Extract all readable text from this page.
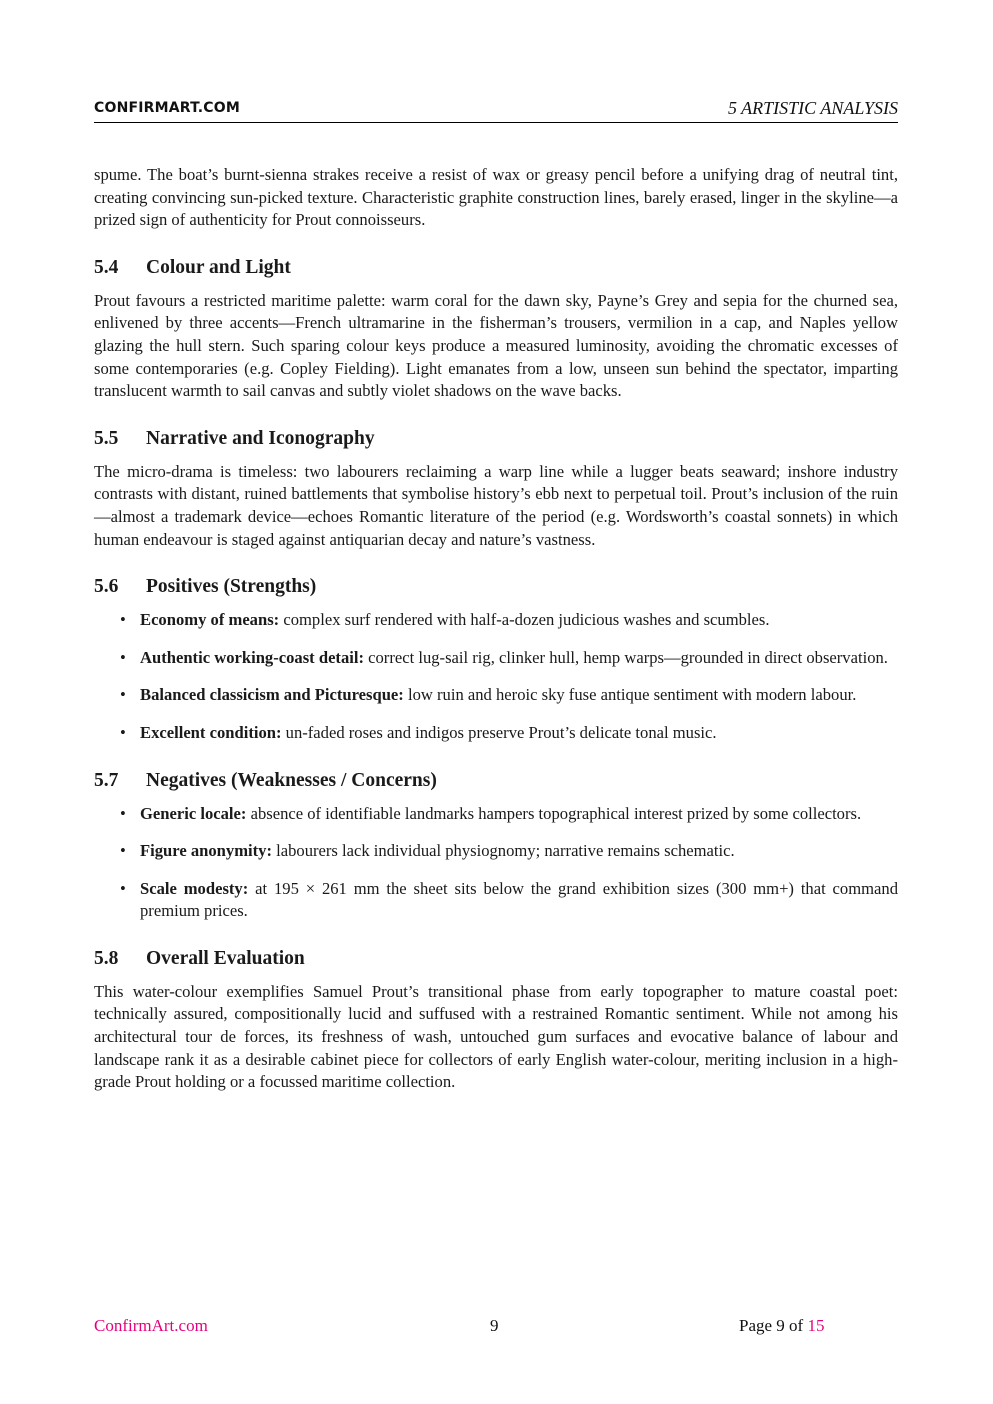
CONFIRMART.COM	5 ARTISTIC ANALYSIS

spume. The boat’s burnt-sienna strakes receive a resist of wax or greasy pencil before a unifying drag of neutral tint, creating convincing sun-picked texture. Characteristic graphite construction lines, barely erased, linger in the skyline—a prized sign of authenticity for Prout connoisseurs.

5.4 Colour and Light

Prout favours a restricted maritime palette: warm coral for the dawn sky, Payne’s Grey and sepia for the churned sea, enlivened by three accents—French ultramarine in the fisherman’s trousers, vermilion in a cap, and Naples yellow glazing the hull stern. Such sparing colour keys produce a measured luminosity, avoiding the chromatic excesses of some contemporaries (e.g. Copley Fielding). Light emanates from a low, unseen sun behind the spectator, imparting translucent warmth to sail canvas and subtly violet shadows on the wave backs.

5.5 Narrative and Iconography

The micro-drama is timeless: two labourers reclaiming a warp line while a lugger beats seaward; inshore industry contrasts with distant, ruined battlements that symbolise history’s ebb next to perpetual toil. Prout’s inclusion of the ruin—almost a trademark device—echoes Romantic literature of the period (e.g. Wordsworth’s coastal sonnets) in which human endeavour is staged against antiquarian decay and nature’s vastness.

5.6 Positives (Strengths)
• Economy of means: complex surf rendered with half-a-dozen judicious washes and scumbles.
• Authentic working-coast detail: correct lug-sail rig, clinker hull, hemp warps—grounded in direct observation.
• Balanced classicism and Picturesque: low ruin and heroic sky fuse antique sentiment with modern labour.
• Excellent condition: un-faded roses and indigos preserve Prout’s delicate tonal music.
5.7 Negatives (Weaknesses / Concerns)
• Generic locale: absence of identifiable landmarks hampers topographical interest prized by some collectors.
• Figure anonymity: labourers lack individual physiognomy; narrative remains schematic.
• Scale modesty: at 195 × 261 mm the sheet sits below the grand exhibition sizes (300 mm+) that command premium prices.
5.8 Overall Evaluation

This water-colour exemplifies Samuel Prout’s transitional phase from early topographer to mature coastal poet: technically assured, compositionally lucid and suffused with a restrained Romantic sentiment. While not among his architectural tour de forces, its freshness of wash, untouched gum surfaces and evocative balance of labour and landscape rank it as a desirable cabinet piece for collectors of early English water-colour, meriting inclusion in a high-grade Prout holding or a focussed maritime collection.

ConfirmArt.com	9	Page 9 of 15
